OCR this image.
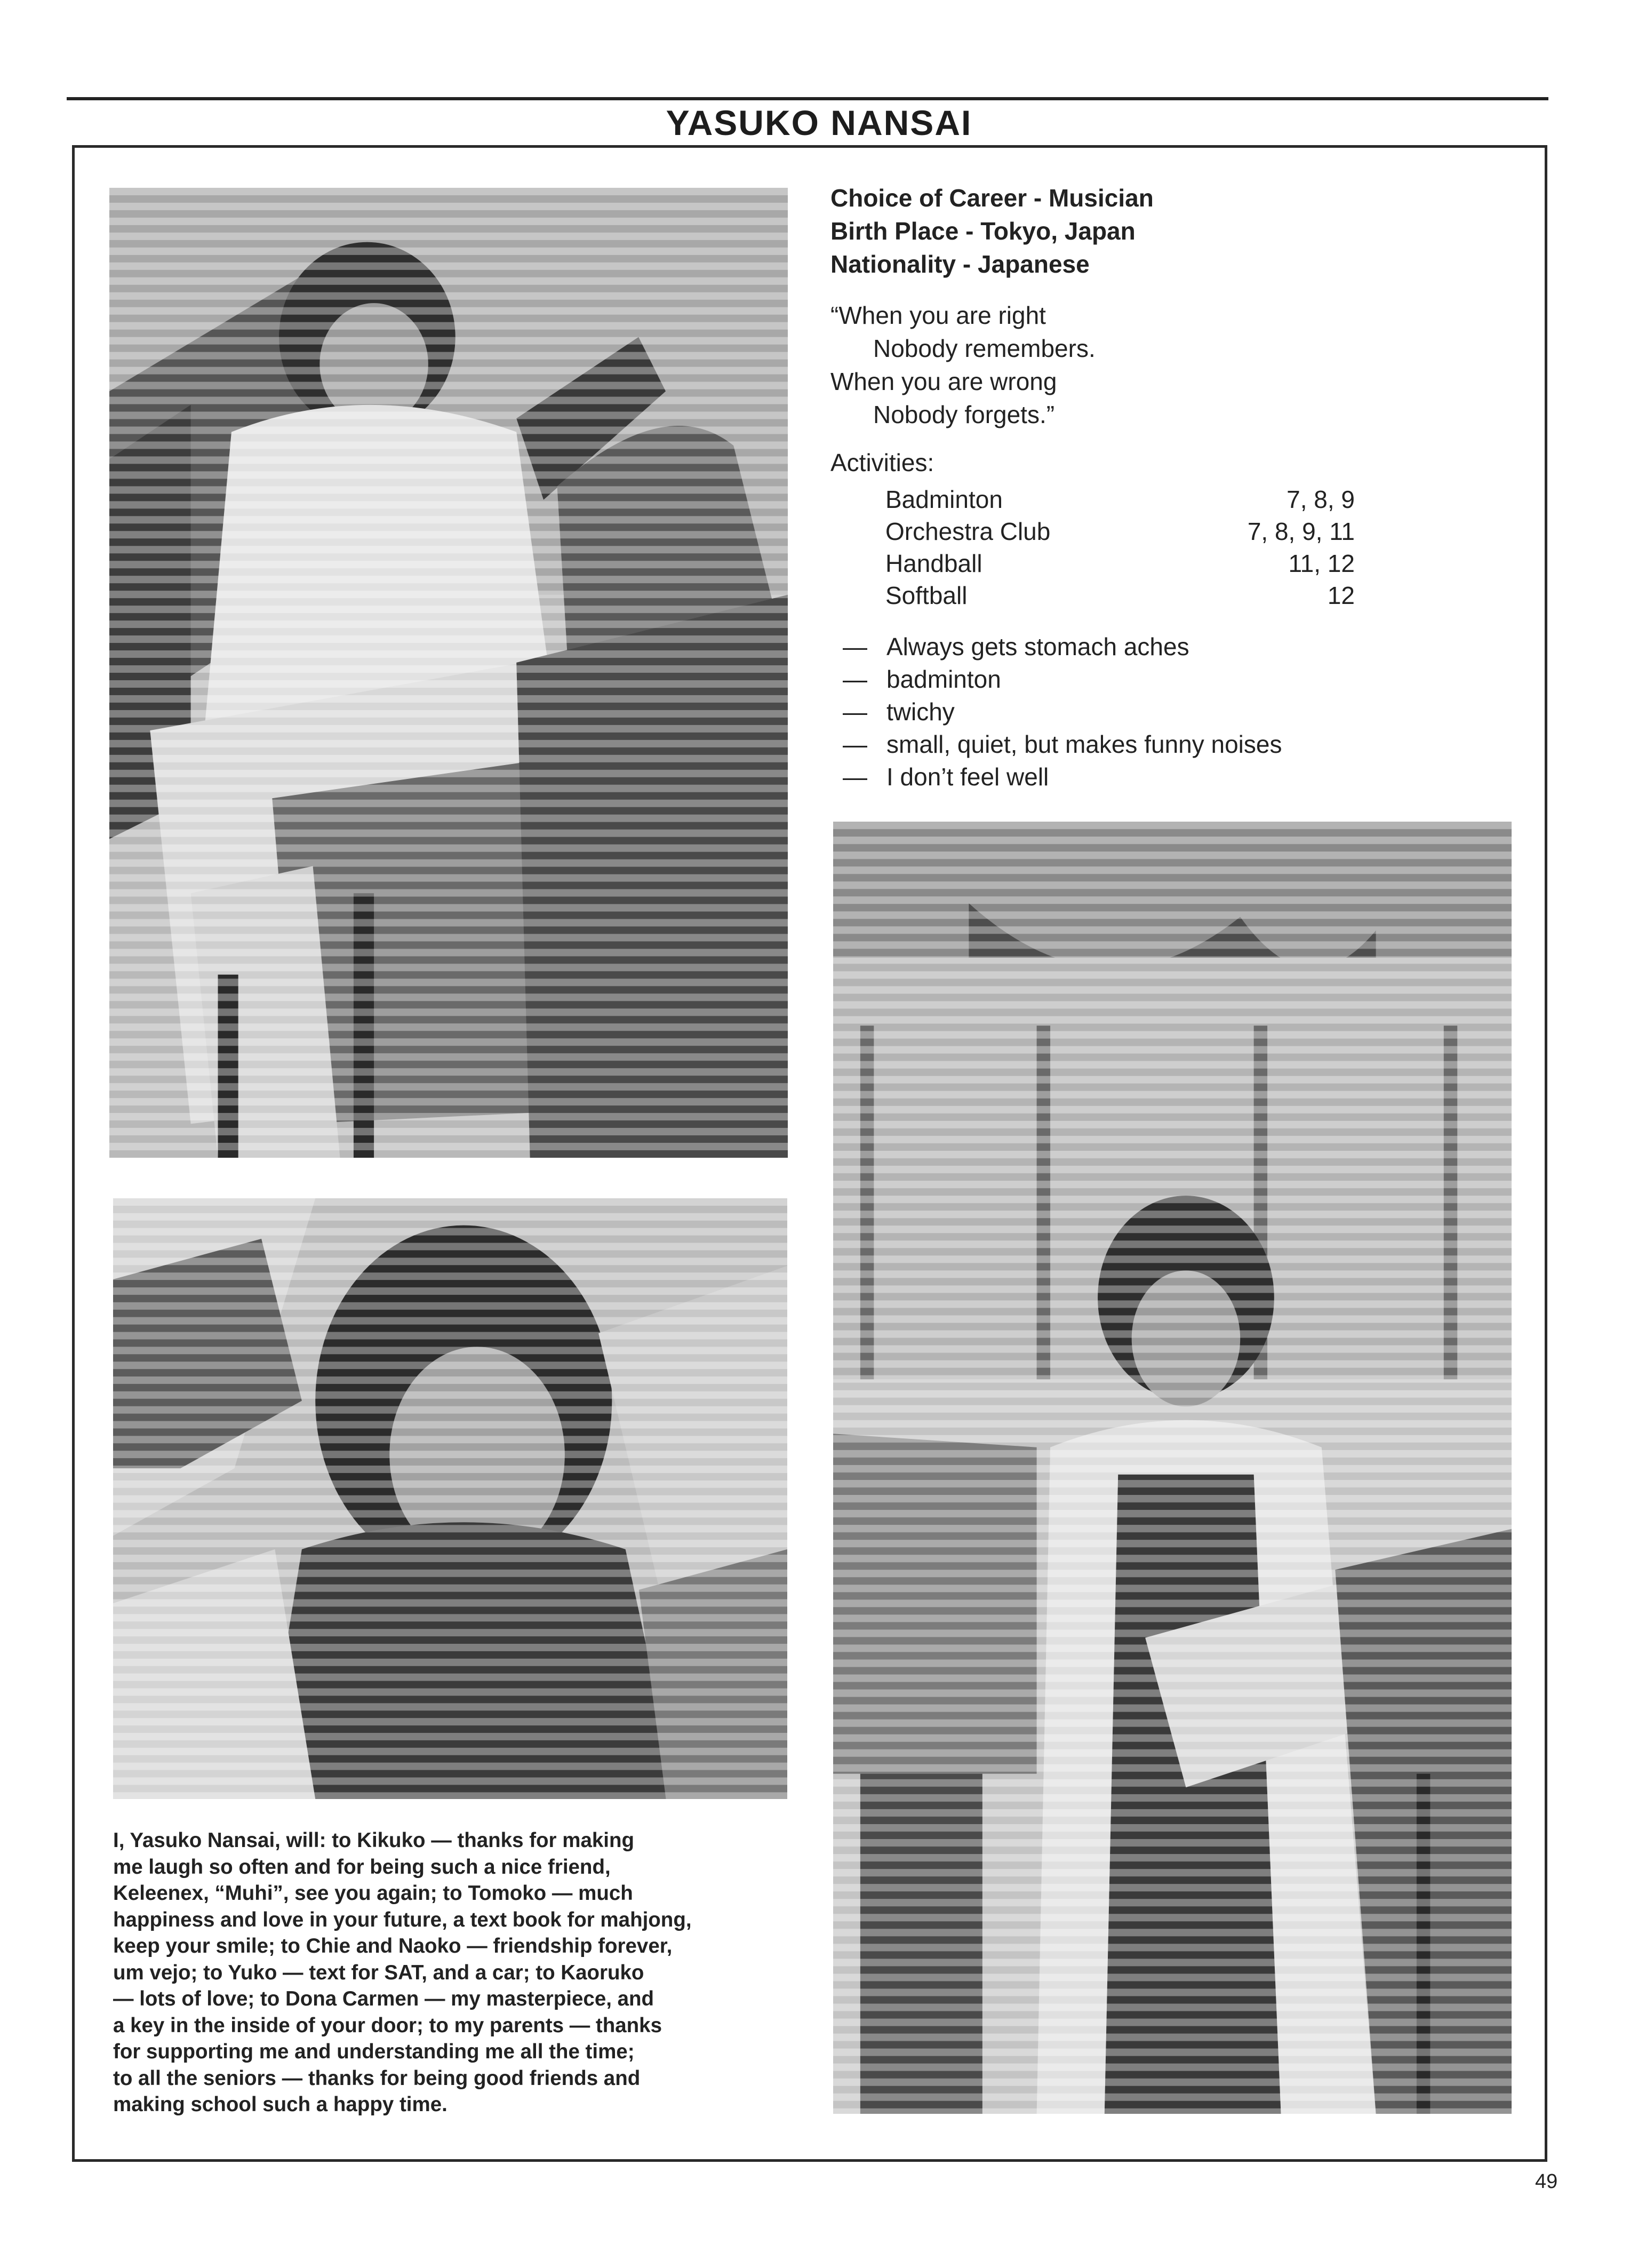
YASUKO NANSAI
Choice of Career - Musician
Birth Place - Tokyo, Japan
Nationality - Japanese
“When you are right
Nobody remembers.
When you are wrong
Nobody forgets.”
Activities:
Badminton	7, 8, 9
Orchestra Club	7, 8, 9, 11
Handball	11, 12
Softball	12
— Always gets stomach aches
— badminton
— twichy
— small, quiet, but makes funny noises
— I don’t feel well
I, Yasuko Nansai, will: to Kikuko — thanks for making
me laugh so often and for being such a nice friend,
Keleenex, “Muhi”, see you again; to Tomoko — much
happiness and love in your future, a text book for mahjong,
keep your smile; to Chie and Naoko — friendship forever,
um vejo; to Yuko — text for SAT, and a car; to Kaoruko
— lots of love; to Dona Carmen — my masterpiece, and
a key in the inside of your door; to my parents — thanks
for supporting me and understanding me all the time;
to all the seniors — thanks for being good friends and
making school such a happy time.
49
